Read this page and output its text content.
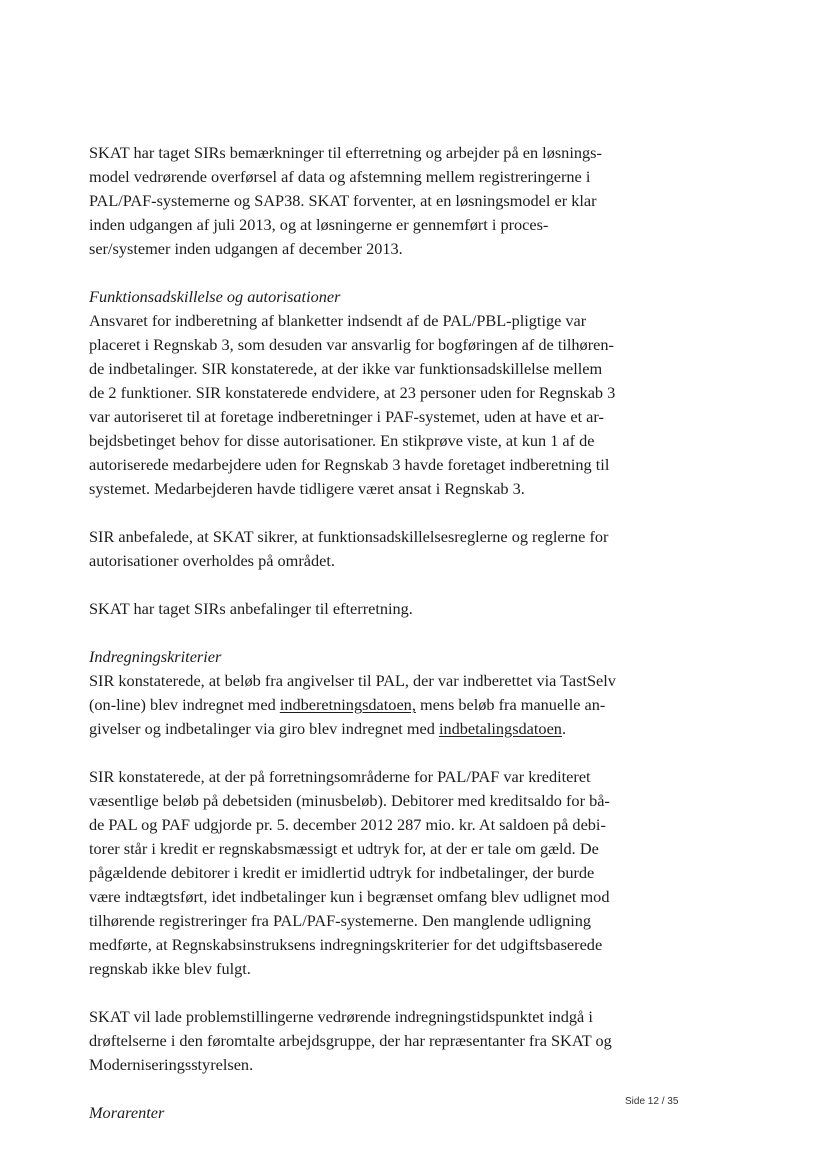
SKAT har taget SIRs bemærkninger til efterretning og arbejder på en løsnings-
model vedrørende overførsel af data og afstemning mellem registreringerne i
PAL/PAF-systemerne og SAP38. SKAT forventer, at en løsningsmodel er klar
inden udgangen af juli 2013, og at løsningerne er gennemført i proces-
ser/systemer inden udgangen af december 2013.
Funktionsadskillelse og autorisationer
Ansvaret for indberetning af blanketter indsendt af de PAL/PBL-pligtige var
placeret i Regnskab 3, som desuden var ansvarlig for bogføringen af de tilhøren-
de indbetalinger. SIR konstaterede, at der ikke var funktionsadskillelse mellem
de 2 funktioner. SIR konstaterede endvidere, at 23 personer uden for Regnskab 3
var autoriseret til at foretage indberetninger i PAF-systemet, uden at have et ar-
bejdsbetinget behov for disse autorisationer. En stikprøve viste, at kun 1 af de
autoriserede medarbejdere uden for Regnskab 3 havde foretaget indberetning til
systemet. Medarbejderen havde tidligere været ansat i Regnskab 3.
SIR anbefalede, at SKAT sikrer, at funktionsadskillelsesreglerne og reglerne for
autorisationer overholdes på området.
SKAT har taget SIRs anbefalinger til efterretning.
Indregningskriterier
SIR konstaterede, at beløb fra angivelser til PAL, der var indberettet via TastSelv
(on-line) blev indregnet med indberetningsdatoen, mens beløb fra manuelle an-
givelser og indbetalinger via giro blev indregnet med indbetalingsdatoen.
SIR konstaterede, at der på forretningsområderne for PAL/PAF var krediteret
væsentlige beløb på debetsiden (minusbeløb). Debitorer med kreditsaldo for bå-
de PAL og PAF udgjorde pr. 5. december 2012 287 mio. kr. At saldoen på debi-
torer står i kredit er regnskabsmæssigt et udtryk for, at der er tale om gæld. De
pågældende debitorer i kredit er imidlertid udtryk for indbetalinger, der burde
være indtægtsført, idet indbetalinger kun i begrænset omfang blev udlignet mod
tilhørende registreringer fra PAL/PAF-systemerne. Den manglende udligning
medførte, at Regnskabsinstruksens indregningskriterier for det udgiftsbaserede
regnskab ikke blev fulgt.
SKAT vil lade problemstillingerne vedrørende indregningstidspunktet indgå i
drøftelserne i den føromtalte arbejdsgruppe, der har repræsentanter fra SKAT og
Moderniseringsstyrelsen.
Morarenter
Side 12 / 35
